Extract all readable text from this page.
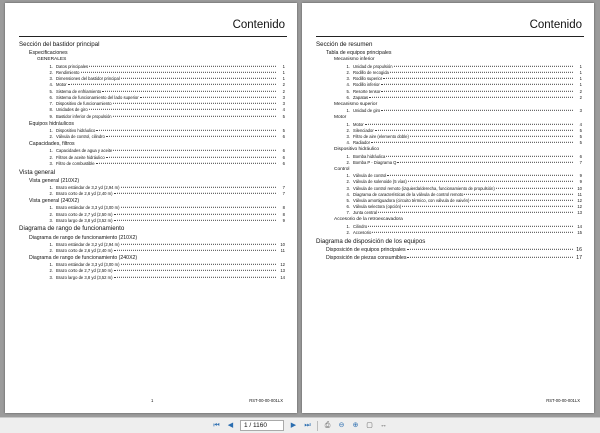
Contenido
Sección del bastidor principal
Especificaciones
GENERALES
1. Datos principales	1
2. Rendimiento	1
3. Dimensiones del bastidor principal	1
4. Motor	2
5. Sistema de enfriamiento	2
6. Sistema de funcionamiento del lado superior	3
7. Dispositivo de funcionamiento	3
8. Unidades de giro	4
9. Bastidor inferior de propulsión	5
Equipos hidráulicos
1. Dispositivo hidráulico	5
2. Válvula de control, cilindro	6
Capacidades, filtros
1. Capacidades de agua y aceite	6
2. Filtros de aceite hidráulico	6
3. Filtro de combustible	6
Vista general
Vista general (210X2)
1. Brazo estándar de 3,2 yd (2,94 m)	7
2. Brazo corto de 2,6 yd (2,40 m)	7
Vista general (240X2)
1. Brazo estándar de 3,3 yd (3,00 m)	8
2. Brazo corto de 2,7 yd (2,50 m)	8
3. Brazo largo de 3,8 yd (3,52 m)	9
Diagrama de rango de funcionamiento
Diagrama de rango de funcionamiento (210X2)
1. Brazo estándar de 3,2 yd (2,94 m)	10
2. Brazo corto de 2,6 yd (2,40 m)	11
Diagrama de rango de funcionamiento (240X2)
1. Brazo estándar de 3,3 yd (3,00 m)	12
2. Brazo corto de 2,7 yd (2,50 m)	13
3. Brazo largo de 3,8 yd (3,52 m)	14
1	RST-00-00-001LX
Contenido
Sección de resumen
Tabla de equipos principales
Mecanismo inferior
1. Unidad de propulsión	1
2. Rodillo de recogida	1
3. Rodillo superior	1
4. Rodillo inferior	1
5. Resorte tensor	2
6. Zapatas	2
Mecanismo superior
1. Unidad de giro	3
Motor
1. Motor	4
2. Silenciador	5
3. Filtro de aire (elemento doble)	5
4. Radiador	5
Dispositivo hidráulico
1. Bomba hidráulica	6
2. Bomba P - Diagrama Q	7
Control
1. Válvula de control	9
2. Válvula de solenoide (5 vías)	9
3. Válvula de control remoto (izquierda/derecha, funcionamiento de propulsión)	10
4. Diagrama de características de la válvula de control remoto	11
5. Válvula amortiguadora (circuito térmico, con válvula de vaivén)	12
6. Válvula selectora (opción)	12
7. Junta central	13
Accesorio de la retroexcavadora
1. Cilindro	14
2. Accesorio	15
Diagrama de disposición de los equipos
Disposición de equipos principales	16
Disposición de piezas consumibles	17
RST-00-00-001LX
⏮ ◀ 1 / 1160	▶ ⏭ ⎙ ⊖ ⊕ ▢ ↔
